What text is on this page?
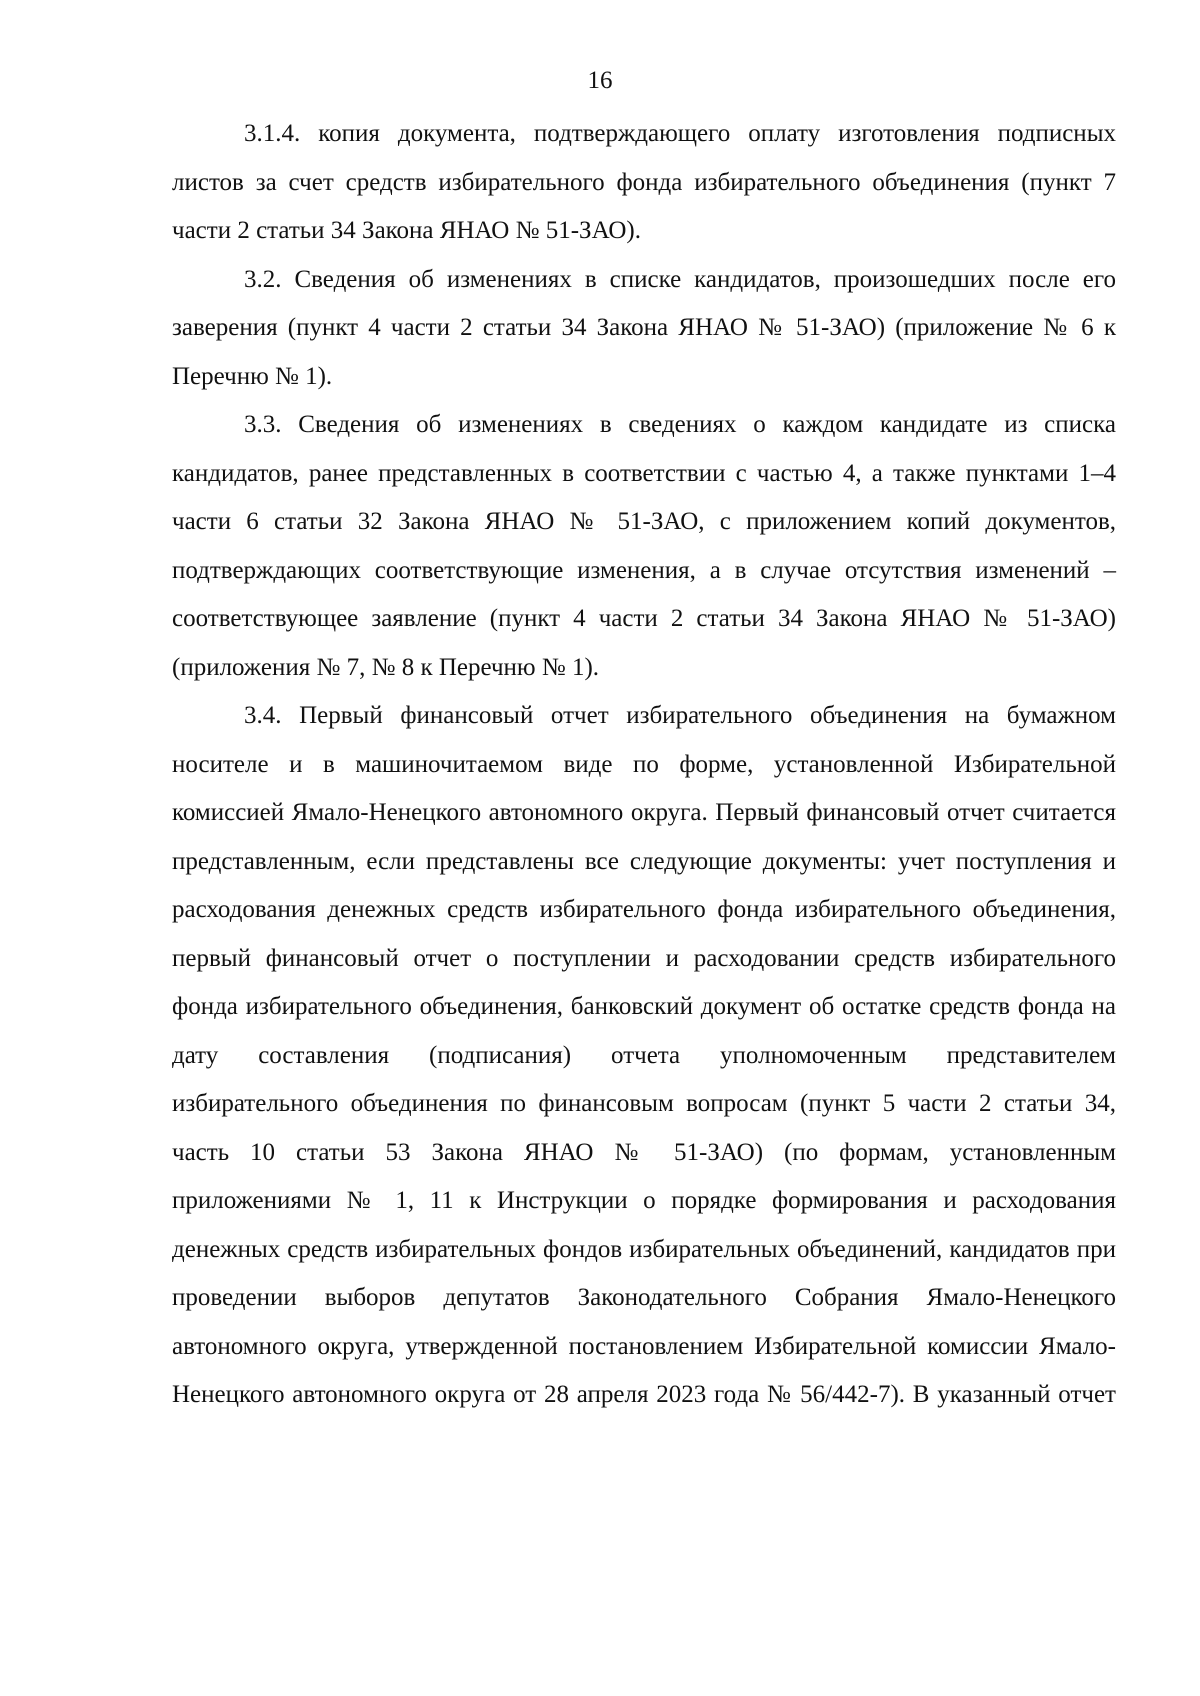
16

3.1.4. копия документа, подтверждающего оплату изготовления подписных листов за счет средств избирательного фонда избирательного объединения (пункт 7 части 2 статьи 34 Закона ЯНАО № 51-ЗАО).

3.2. Сведения об изменениях в списке кандидатов, произошедших после его заверения (пункт 4 части 2 статьи 34 Закона ЯНАО № 51-ЗАО) (приложение № 6 к Перечню № 1).

3.3. Сведения об изменениях в сведениях о каждом кандидате из списка кандидатов, ранее представленных в соответствии с частью 4, а также пунктами 1–4 части 6 статьи 32 Закона ЯНАО № 51-ЗАО, с приложением копий документов, подтверждающих соответствующие изменения, а в случае отсутствия изменений – соответствующее заявление (пункт 4 части 2 статьи 34 Закона ЯНАО № 51-ЗАО) (приложения № 7, № 8 к Перечню № 1).

3.4. Первый финансовый отчет избирательного объединения на бумажном носителе и в машиночитаемом виде по форме, установленной Избирательной комиссией Ямало-Ненецкого автономного округа. Первый финансовый отчет считается представленным, если представлены все следующие документы: учет поступления и расходования денежных средств избирательного фонда избирательного объединения, первый финансовый отчет о поступлении и расходовании средств избирательного фонда избирательного объединения, банковский документ об остатке средств фонда на дату составления (подписания) отчета уполномоченным представителем избирательного объединения по финансовым вопросам (пункт 5 части 2 статьи 34, часть 10 статьи 53 Закона ЯНАО № 51-ЗАО) (по формам, установленным приложениями № 1, 11 к Инструкции о порядке формирования и расходования денежных средств избирательных фондов избирательных объединений, кандидатов при проведении выборов депутатов Законодательного Собрания Ямало-Ненецкого автономного округа, утвержденной постановлением Избирательной комиссии Ямало-Ненецкого автономного округа от 28 апреля 2023 года № 56/442-7). В указанный отчет
